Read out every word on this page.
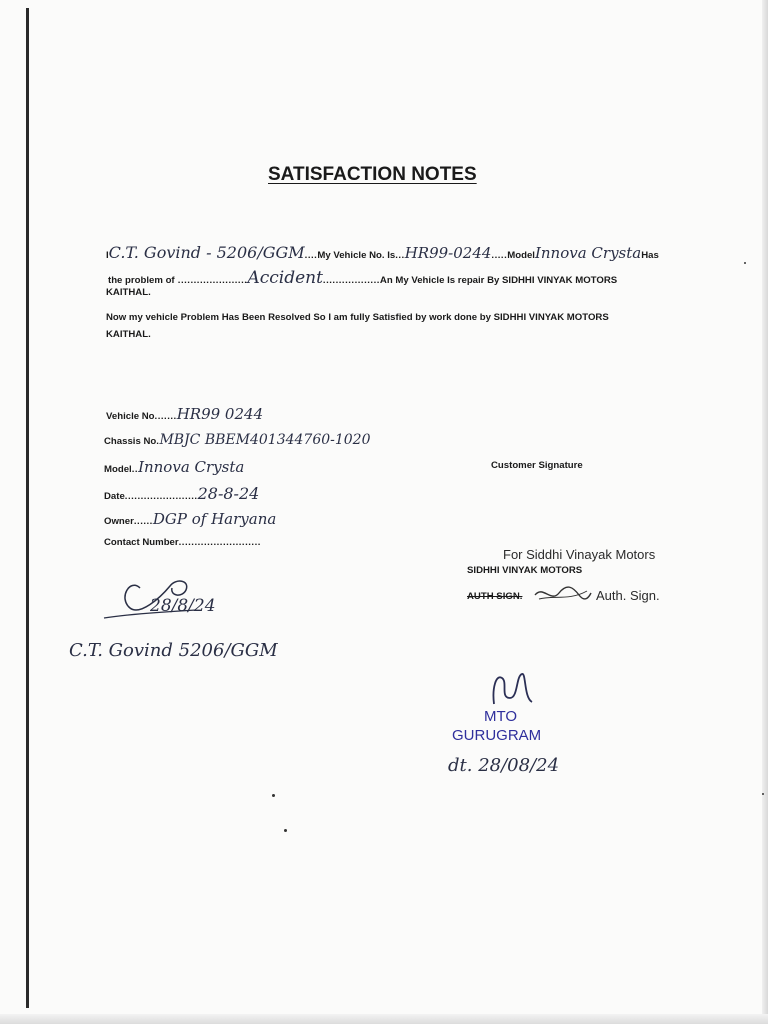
SATISFACTION NOTES
IC.T. Govind - 5206/GGM....My Vehicle No. Is...HR99-0244.....ModelInnova CrystaHas
the problem of ......................Accident..................An My Vehicle Is repair By SIDHHI VINYAK MOTORS
KAITHAL.
Now my vehicle Problem Has Been Resolved So I am fully Satisfied by work done by SIDHHI VINYAK MOTORS
KAITHAL.
Vehicle No.......HR99 0244
Chassis No.MBJC BBEM401344760-1020
Model..Innova Crysta	Customer Signature
Date.......................28-8-24
Owner......DGP of Haryana
Contact Number..........................
For Siddhi Vinayak Motors
SIDHHI VINYAK MOTORS
AUTH SIGN.	Auth. Sign.
28/8/24
C.T. Govind 5206/GGM
MTO
GURUGRAM
dt. 28/08/24
